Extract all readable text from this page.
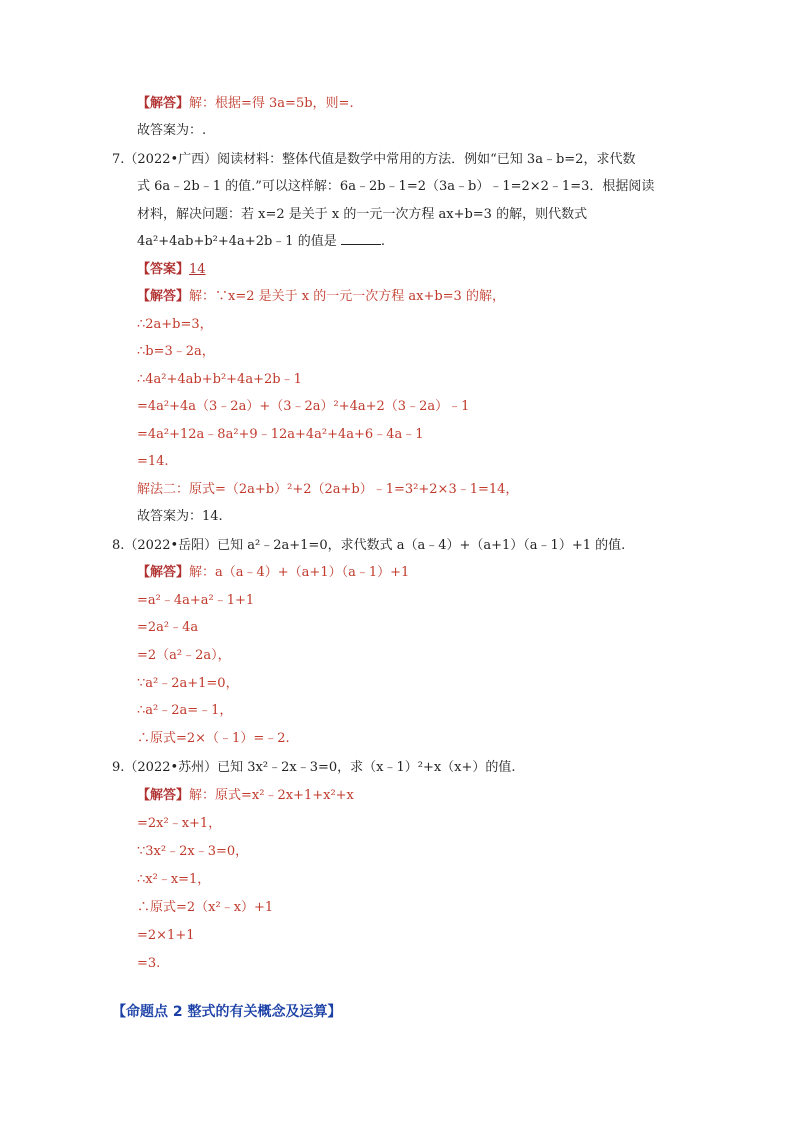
【解答】解：根据=得 3a=5b，则=.
故答案为：.
7.（2022•广西）阅读材料：整体代值是数学中常用的方法．例如“已知 3a﹣b=2，求代数
式 6a﹣2b﹣1 的值.”可以这样解：6a﹣2b﹣1=2（3a﹣b）﹣1=2×2﹣1=3．根据阅读
材料，解决问题：若 x=2 是关于 x 的一元一次方程 ax+b=3 的解，则代数式
4a²+4ab+b²+4a+2b﹣1 的值是	.
【答案】14
【解答】解：∵x=2 是关于 x 的一元一次方程 ax+b=3 的解，
∴2a+b=3，
∴b=3﹣2a，
∴4a²+4ab+b²+4a+2b﹣1
=4a²+4a（3﹣2a）+（3﹣2a）²+4a+2（3﹣2a）﹣1
=4a²+12a﹣8a²+9﹣12a+4a²+4a+6﹣4a﹣1
=14.
解法二：原式=（2a+b）²+2（2a+b）﹣1=3²+2×3﹣1=14，
故答案为：14.
8.（2022•岳阳）已知 a²﹣2a+1=0，求代数式 a（a﹣4）+（a+1）（a﹣1）+1 的值.
【解答】解：a（a﹣4）+（a+1）（a﹣1）+1
=a²﹣4a+a²﹣1+1
=2a²﹣4a
=2（a²﹣2a），
∵a²﹣2a+1=0，
∴a²﹣2a=﹣1，
∴原式=2×（﹣1）=﹣2.
9.（2022•苏州）已知 3x²﹣2x﹣3=0，求（x﹣1）²+x（x+）的值.
【解答】解：原式=x²﹣2x+1+x²+x
=2x²﹣x+1，
∵3x²﹣2x﹣3=0，
∴x²﹣x=1，
∴原式=2（x²﹣x）+1
=2×1+1
=3.
【命题点 2 整式的有关概念及运算】
